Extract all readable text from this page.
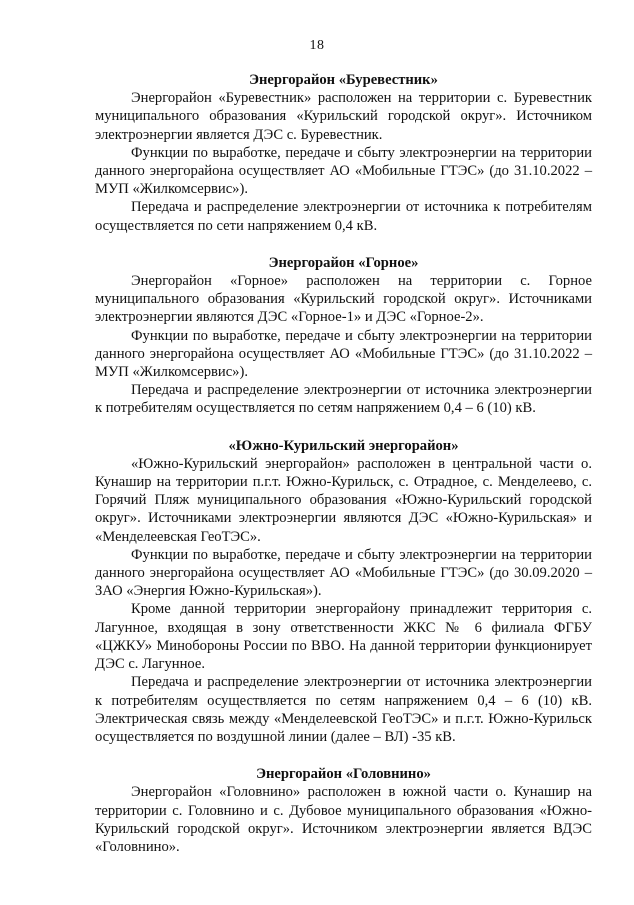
18

Энергорайон «Буревестник»

Энергорайон «Буревестник» расположен на территории с. Буревестник муниципального образования «Курильский городской округ». Источником электроэнергии является ДЭС с. Буревестник.

Функции по выработке, передаче и сбыту электроэнергии на территории данного энергорайона осуществляет АО «Мобильные ГТЭС» (до 31.10.2022 – МУП «Жилкомсервис»).

Передача и распределение электроэнергии от источника к потребителям осуществляется по сети напряжением 0,4 кВ.

Энергорайон «Горное»

Энергорайон «Горное» расположен на территории с. Горное муниципального образования «Курильский городской округ». Источниками электроэнергии являются ДЭС «Горное-1» и ДЭС «Горное-2».

Функции по выработке, передаче и сбыту электроэнергии на территории данного энергорайона осуществляет АО «Мобильные ГТЭС» (до 31.10.2022 – МУП «Жилкомсервис»).

Передача и распределение электроэнергии от источника электроэнергии к потребителям осуществляется по сетям напряжением 0,4 – 6 (10) кВ.

«Южно-Курильский энергорайон»

«Южно-Курильский энергорайон» расположен в центральной части о. Кунашир на территории п.г.т. Южно-Курильск, с. Отрадное, с. Менделеево, с. Горячий Пляж муниципального образования «Южно-Курильский городской округ». Источниками электроэнергии являются ДЭС «Южно-Курильская» и «Менделеевская ГеоТЭС».

Функции по выработке, передаче и сбыту электроэнергии на территории данного энергорайона осуществляет АО «Мобильные ГТЭС» (до 30.09.2020 – ЗАО «Энергия Южно-Курильская»).

Кроме данной территории энергорайону принадлежит территория с. Лагунное, входящая в зону ответственности ЖКС № 6 филиала ФГБУ «ЦЖКУ» Минобороны России по ВВО. На данной территории функционирует ДЭС с. Лагунное.

Передача и распределение электроэнергии от источника электроэнергии к потребителям осуществляется по сетям напряжением 0,4 – 6 (10) кВ. Электрическая связь между «Менделеевской ГеоТЭС» и п.г.т. Южно-Курильск осуществляется по воздушной линии (далее – ВЛ) -35 кВ.

Энергорайон «Головнино»

Энергорайон «Головнино» расположен в южной части о. Кунашир на территории с. Головнино и с. Дубовое муниципального образования «Южно-Курильский городской округ». Источником электроэнергии является ВДЭС «Головнино».
